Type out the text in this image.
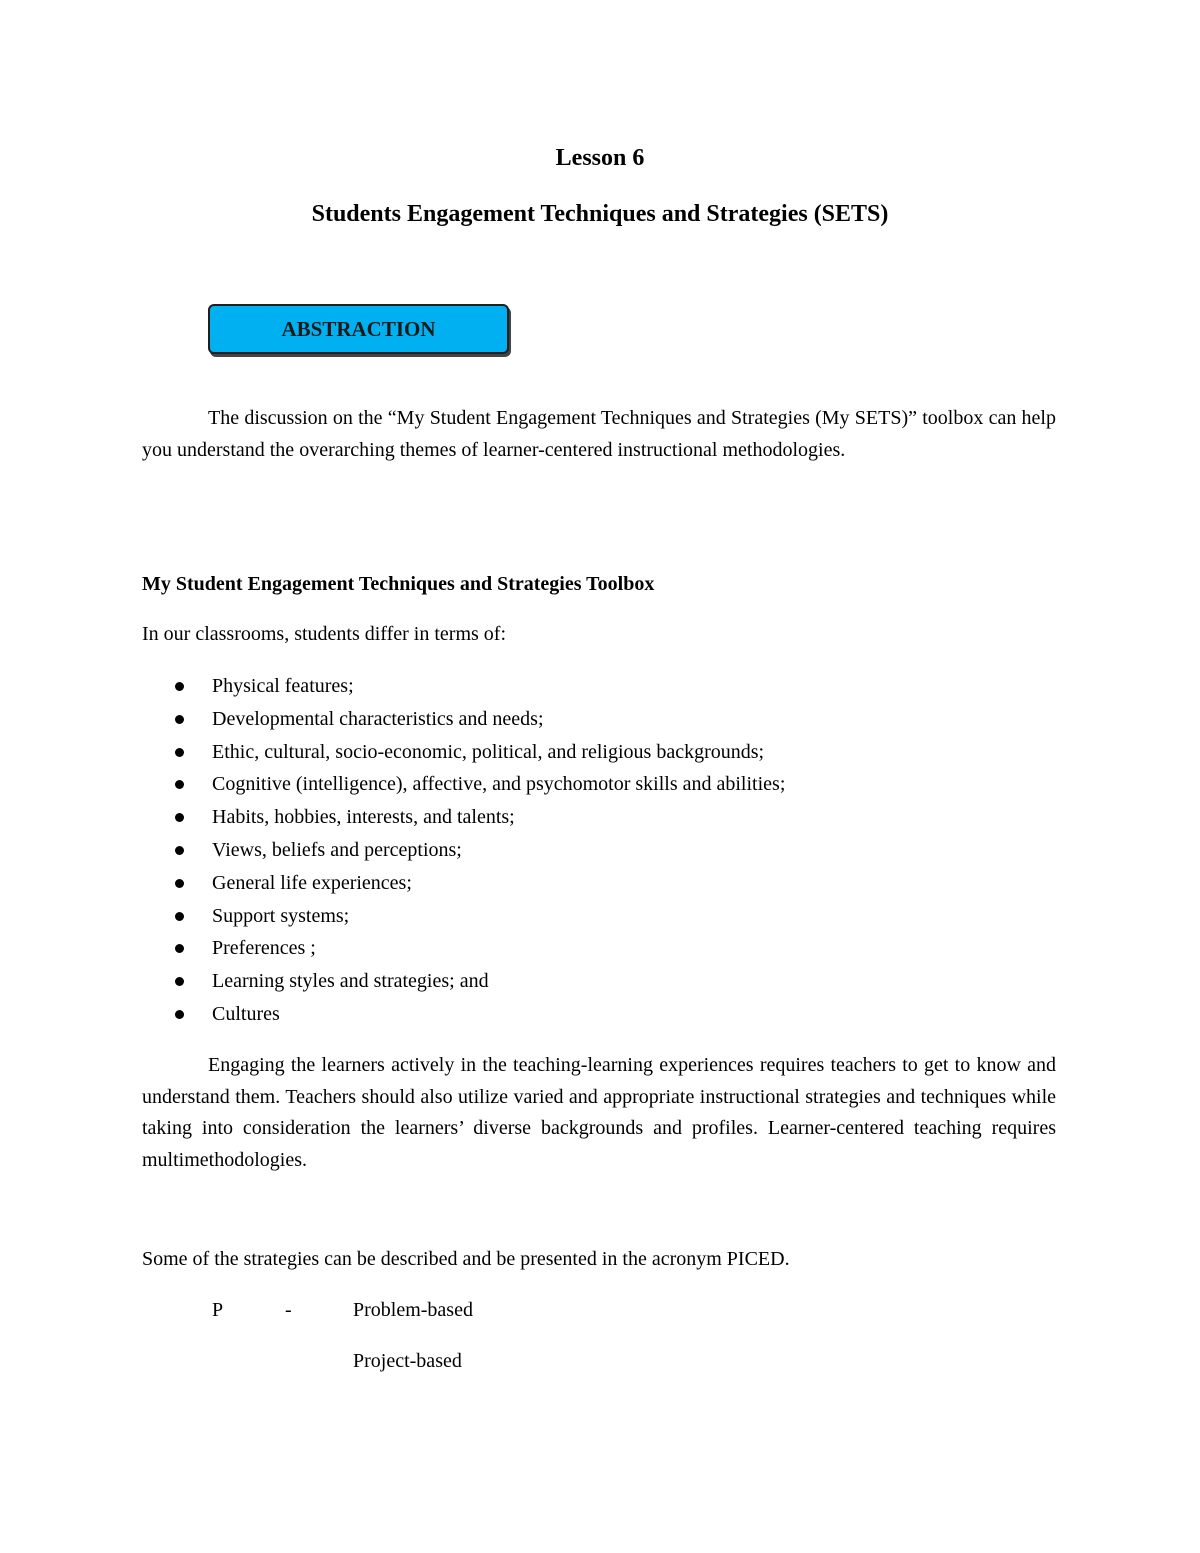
Lesson 6
Students Engagement Techniques and Strategies (SETS)
ABSTRACTION
The discussion on the “My Student Engagement Techniques and Strategies (My SETS)” toolbox can help you understand the overarching themes of learner-centered instructional methodologies.
My Student Engagement Techniques and Strategies Toolbox
In our classrooms, students differ in terms of:
Physical features;
Developmental characteristics and needs;
Ethic, cultural, socio-economic, political, and religious backgrounds;
Cognitive (intelligence), affective, and psychomotor skills and abilities;
Habits, hobbies, interests, and talents;
Views, beliefs and perceptions;
General life experiences;
Support systems;
Preferences ;
Learning styles and strategies; and
Cultures
Engaging the learners actively in the teaching-learning experiences requires teachers to get to know and understand them. Teachers should also utilize varied and appropriate instructional strategies and techniques while taking into consideration the learners’ diverse backgrounds and profiles. Learner-centered teaching requires multimethodologies.
Some of the strategies can be described and be presented in the acronym PICED.
P	-	Problem-based
Project-based
